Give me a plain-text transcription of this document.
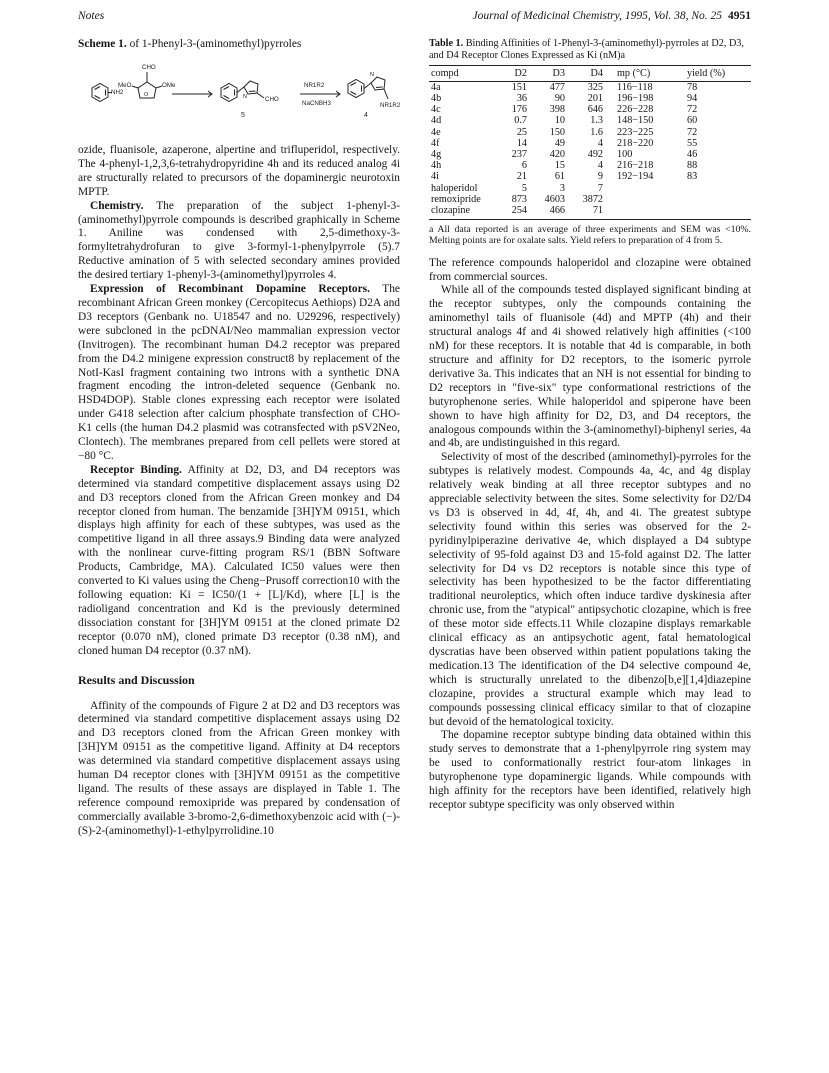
Notes	Journal of Medicinal Chemistry, 1995, Vol. 38, No. 25 4951

Scheme 1. of 1-Phenyl-3-(aminomethyl)pyrroles

NH2
MeO	OMe
CHO
O	N	CHO
NR1R2
NaCNBH3
N
NR1R2
5	4

ozide, fluanisole, azaperone, alpertine and trifluperidol, respectively. The 4-phenyl-1,2,3,6-tetrahydropyridine 4h and its reduced analog 4i are structurally related to precursors of the dopaminergic neurotoxin MPTP.

Chemistry. The preparation of the subject 1-phenyl-3-(aminomethyl)pyrrole compounds is described graphically in Scheme 1. Aniline was condensed with 2,5-dimethoxy-3-formyltetrahydrofuran to give 3-formyl-1-phenylpyrrole (5).7 Reductive amination of 5 with selected secondary amines provided the desired tertiary 1-phenyl-3-(aminomethyl)pyrroles 4.

Expression of Recombinant Dopamine Receptors. The recombinant African Green monkey (Cercopitecus Aethiops) D2A and D3 receptors (Genbank no. U18547 and no. U29296, respectively) were subcloned in the pcDNAI/Neo mammalian expression vector (Invitrogen). The recombinant human D4.2 receptor was prepared from the D4.2 minigene expression construct8 by replacement of the NotI-KasI fragment containing two introns with a synthetic DNA fragment encoding the intron-deleted sequence (Genbank no. HSD4DOP). Stable clones expressing each receptor were isolated under G418 selection after calcium phosphate transfection of CHO-K1 cells (the human D4.2 plasmid was cotransfected with pSV2Neo, Clontech). The membranes prepared from cell pellets were stored at −80 °C.

Receptor Binding. Affinity at D2, D3, and D4 receptors was determined via standard competitive displacement assays using D2 and D3 receptors cloned from the African Green monkey and D4 receptor cloned from human. The benzamide [3H]YM 09151, which displays high affinity for each of these subtypes, was used as the competitive ligand in all three assays.9 Binding data were analyzed with the nonlinear curve-fitting program RS/1 (BBN Software Products, Cambridge, MA). Calculated IC50 values were then converted to Ki values using the Cheng−Prusoff correction10 with the following equation: Ki = IC50/(1 + [L]/Kd), where [L] is the radioligand concentration and Kd is the previously determined dissociation constant for [3H]YM 09151 at the cloned primate D2 receptor (0.070 nM), cloned primate D3 receptor (0.38 nM), and cloned human D4 receptor (0.37 nM).

Results and Discussion

Affinity of the compounds of Figure 2 at D2 and D3 receptors was determined via standard competitive displacement assays using D2 and D3 receptors cloned from the African Green monkey with [3H]YM 09151 as the competitive ligand. Affinity at D4 receptors was determined via standard competitive displacement assays using human D4 receptor clones with [3H]YM 09151 as the competitive ligand. The results of these assays are displayed in Table 1. The reference compound remoxipride was prepared by condensation of commercially available 3-bromo-2,6-dimethoxybenzoic acid with (−)-(S)-2-(aminomethyl)-1-ethylpyrrolidine.10

Table 1. Binding Affinities of 1-Phenyl-3-(aminomethyl)-pyrroles at D2, D3, and D4 Receptor Clones Expressed as Ki (nM)a

compd	D2	D3	D4	mp (°C)	yield (%)
4a	151	477	325	116−118	78
4b	36	90	201	196−198	94
4c	176	398	646	226−228	72
4d	0.7	10	1.3	148−150	60
4e	25	150	1.6	223−225	72
4f	14	49	4	218−220	55
4g	237	420	492	100	46
4h	6	15	4	216−218	88
4i	21	61	9	192−194	83
haloperidol	5	3	7		
remoxipride	873	4603	3872		
clozapine	254	466	71		

a All data reported is an average of three experiments and SEM was <10%. Melting points are for oxalate salts. Yield refers to preparation of 4 from 5.

The reference compounds haloperidol and clozapine were obtained from commercial sources.

While all of the compounds tested displayed significant binding at the receptor subtypes, only the compounds containing the aminomethyl tails of fluanisole (4d) and MPTP (4h) and their structural analogs 4f and 4i showed relatively high affinities (<100 nM) for these receptors. It is notable that 4d is comparable, in both structure and affinity for D2 receptors, to the isomeric pyrrole derivative 3a. This indicates that an NH is not essential for binding to D2 receptors in "five-six" type conformational restrictions of the butyrophenone series. While haloperidol and spiperone have been shown to have high affinity for D2, D3, and D4 receptors, the analogous compounds within the 3-(aminomethyl)-biphenyl series, 4a and 4b, are undistinguished in this regard.

Selectivity of most of the described (aminomethyl)-pyrroles for the subtypes is relatively modest. Compounds 4a, 4c, and 4g display relatively weak binding at all three receptor subtypes and no appreciable selectivity between the sites. Some selectivity for D2/D4 vs D3 is observed in 4d, 4f, 4h, and 4i. The greatest subtype selectivity found within this series was observed for the 2-pyridinylpiperazine derivative 4e, which displayed a D4 subtype selectivity of 95-fold against D3 and 15-fold against D2. The latter selectivity for D4 vs D2 receptors is notable since this type of selectivity has been hypothesized to be the factor differentiating traditional neuroleptics, which often induce tardive dyskinesia after chronic use, from the "atypical" antipsychotic clozapine, which is free of these motor side effects.11 While clozapine displays remarkable clinical efficacy as an antipsychotic agent, fatal hematological dyscratias have been observed within patient populations taking the medication.13 The identification of the D4 selective compound 4e, which is structurally unrelated to the dibenzo[b,e][1,4]diazepine clozapine, provides a structural example which may lead to compounds possessing clinical efficacy similar to that of clozapine but devoid of the hematological toxicity.

The dopamine receptor subtype binding data obtained within this study serves to demonstrate that a 1-phenylpyrrole ring system may be used to conformationally restrict four-atom linkages in butyrophenone type dopaminergic ligands. While compounds with high affinity for the receptors have been identified, relatively high receptor subtype specificity was only observed within
